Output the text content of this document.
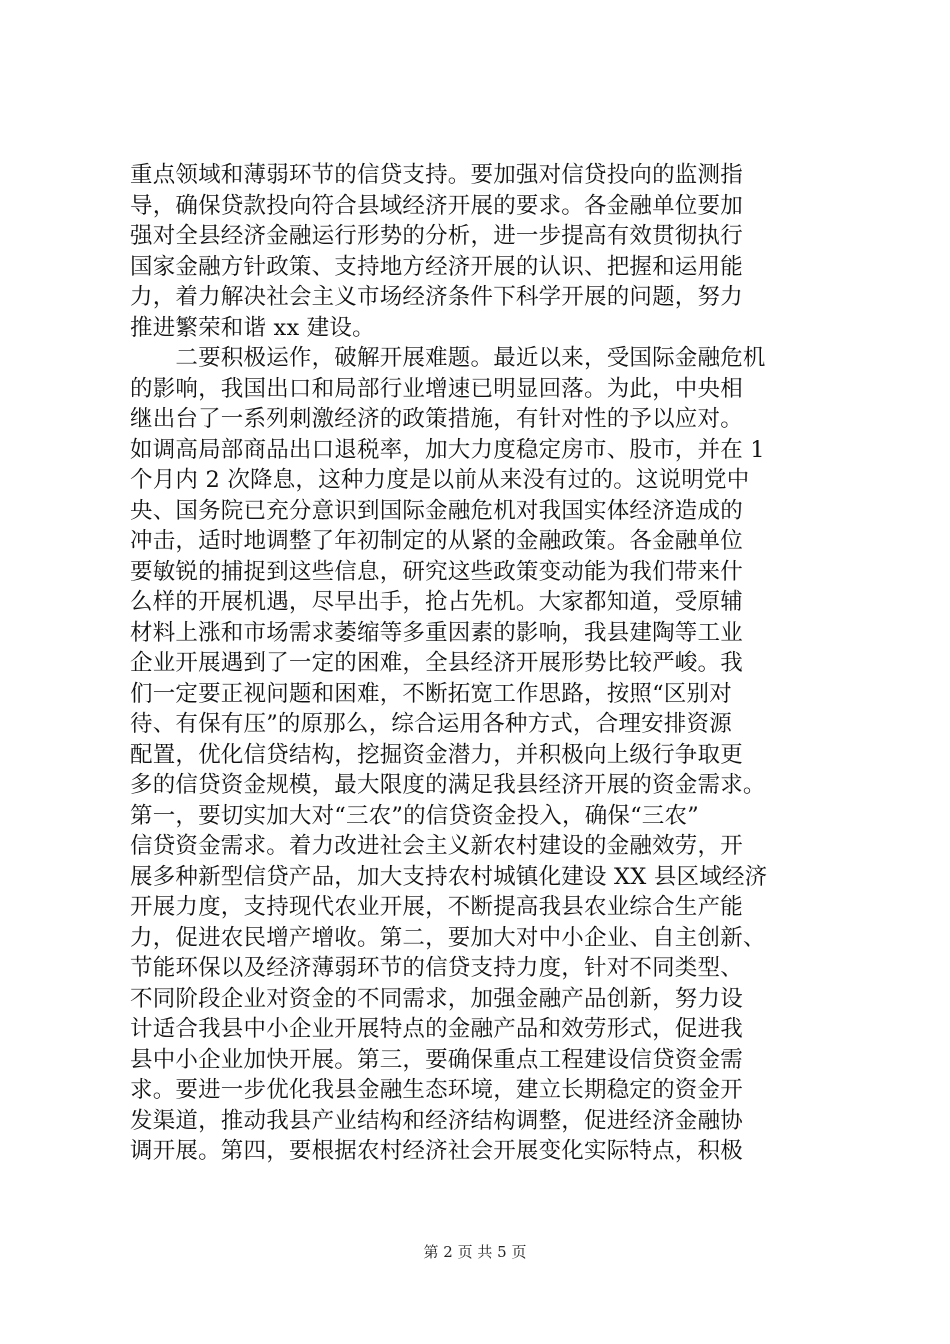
重点领域和薄弱环节的信贷支持。要加强对信贷投向的监测指
导，确保贷款投向符合县域经济开展的要求。各金融单位要加
强对全县经济金融运行形势的分析，进一步提高有效贯彻执行
国家金融方针政策、支持地方经济开展的认识、把握和运用能
力，着力解决社会主义市场经济条件下科学开展的问题，努力
推进繁荣和谐 xx 建设。
　　二要积极运作，破解开展难题。最近以来，受国际金融危机
的影响，我国出口和局部行业增速已明显回落。为此，中央相
继出台了一系列刺激经济的政策措施，有针对性的予以应对。
如调高局部商品出口退税率，加大力度稳定房市、股市，并在 1
个月内 2 次降息，这种力度是以前从来没有过的。这说明党中
央、国务院已充分意识到国际金融危机对我国实体经济造成的
冲击，适时地调整了年初制定的从紧的金融政策。各金融单位
要敏锐的捕捉到这些信息，研究这些政策变动能为我们带来什
么样的开展机遇，尽早出手，抢占先机。大家都知道，受原辅
材料上涨和市场需求萎缩等多重因素的影响，我县建陶等工业
企业开展遇到了一定的困难，全县经济开展形势比较严峻。我
们一定要正视问题和困难，不断拓宽工作思路，按照“区别对
待、有保有压”的原那么，综合运用各种方式，合理安排资源
配置，优化信贷结构，挖掘资金潜力，并积极向上级行争取更
多的信贷资金规模，最大限度的满足我县经济开展的资金需求。
第一，要切实加大对“三农”的信贷资金投入，确保“三农”
信贷资金需求。着力改进社会主义新农村建设的金融效劳，开
展多种新型信贷产品，加大支持农村城镇化建设 XX 县区域经济
开展力度，支持现代农业开展，不断提高我县农业综合生产能
力，促进农民增产增收。第二，要加大对中小企业、自主创新、
节能环保以及经济薄弱环节的信贷支持力度，针对不同类型、
不同阶段企业对资金的不同需求，加强金融产品创新，努力设
计适合我县中小企业开展特点的金融产品和效劳形式，促进我
县中小企业加快开展。第三，要确保重点工程建设信贷资金需
求。要进一步优化我县金融生态环境，建立长期稳定的资金开
发渠道，推动我县产业结构和经济结构调整，促进经济金融协
调开展。第四，要根据农村经济社会开展变化实际特点，积极
第 2 页 共 5 页
